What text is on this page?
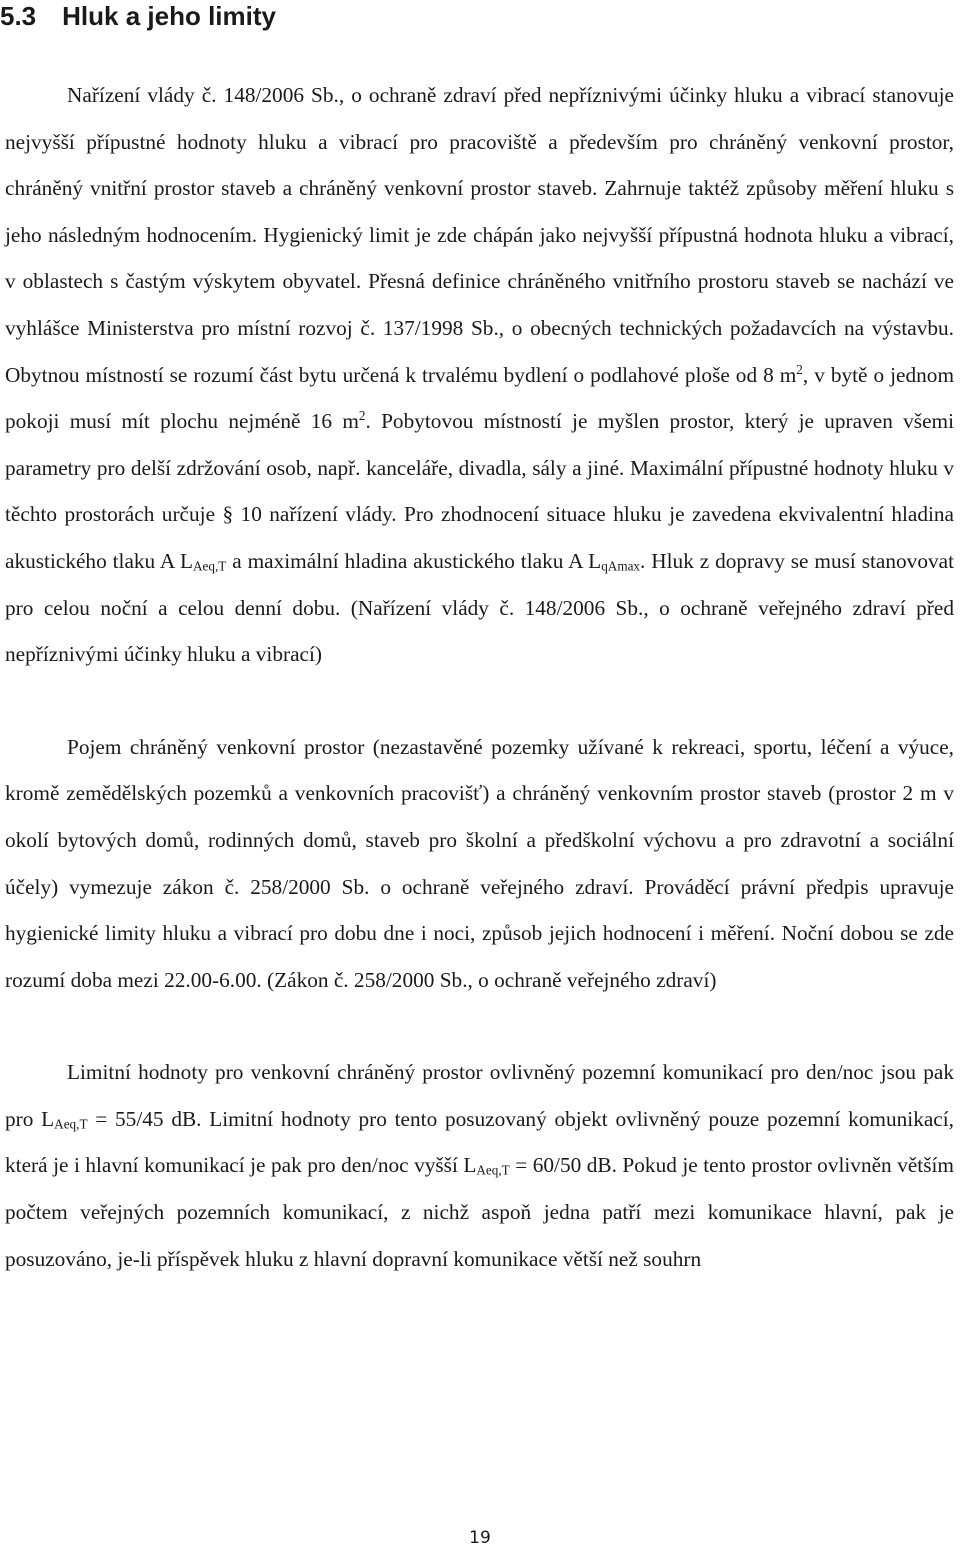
5.3 Hluk a jeho limity

Nařízení vlády č. 148/2006 Sb., o ochraně zdraví před nepříznivými účinky hluku a vibrací stanovuje nejvyšší přípustné hodnoty hluku a vibrací pro pracoviště a především pro chráněný venkovní prostor, chráněný vnitřní prostor staveb a chráněný venkovní prostor staveb. Zahrnuje taktéž způsoby měření hluku s jeho následným hodnocením. Hygienický limit je zde chápán jako nejvyšší přípustná hodnota hluku a vibrací, v oblastech s častým výskytem obyvatel. Přesná definice chráněného vnitřního prostoru staveb se nachází ve vyhlášce Ministerstva pro místní rozvoj č. 137/1998 Sb., o obecných technických požadavcích na výstavbu. Obytnou místností se rozumí část bytu určená k trvalému bydlení o podlahové ploše od 8 $m^2$, v bytě o jednom pokoji musí mít plochu nejméně 16 $m^2$. Pobytovou místností je myšlen prostor, který je upraven všemi parametry pro delší zdržování osob, např. kanceláře, divadla, sály a jiné. Maximální přípustné hodnoty hluku v těchto prostorách určuje § 10 nařízení vlády. Pro zhodnocení situace hluku je zavedena ekvivalentní hladina akustického tlaku A $L_{Aeq,T}$ a maximální hladina akustického tlaku A $L_{qAmax}$. Hluk z dopravy se musí stanovovat pro celou noční a celou denní dobu. (Nařízení vlády č. 148/2006 Sb., o ochraně veřejného zdraví před nepříznivými účinky hluku a vibrací)

Pojem chráněný venkovní prostor (nezastavěné pozemky užívané k rekreaci, sportu, léčení a výuce, kromě zemědělských pozemků a venkovních pracovišť) a chráněný venkovním prostor staveb (prostor 2 m v okolí bytových domů, rodinných domů, staveb pro školní a předškolní výchovu a pro zdravotní a sociální účely) vymezuje zákon č. 258/2000 Sb. o ochraně veřejného zdraví. Prováděcí právní předpis upravuje hygienické limity hluku a vibrací pro dobu dne i noci, způsob jejich hodnocení i měření. Noční dobou se zde rozumí doba mezi 22.00-6.00. (Zákon č. 258/2000 Sb., o ochraně veřejného zdraví)

Limitní hodnoty pro venkovní chráněný prostor ovlivněný pozemní komunikací pro den/noc jsou pak pro $L_{Aeq,T} = 55/45$ dB. Limitní hodnoty pro tento posuzovaný objekt ovlivněný pouze pozemní komunikací, která je i hlavní komunikací je pak pro den/noc vyšší $L_{Aeq,T} = 60/50$ dB. Pokud je tento prostor ovlivněn větším počtem veřejných pozemních komunikací, z nichž aspoň jedna patří mezi komunikace hlavní, pak je posuzováno, je-li příspěvek hluku z hlavní dopravní komunikace větší než souhrn

19
